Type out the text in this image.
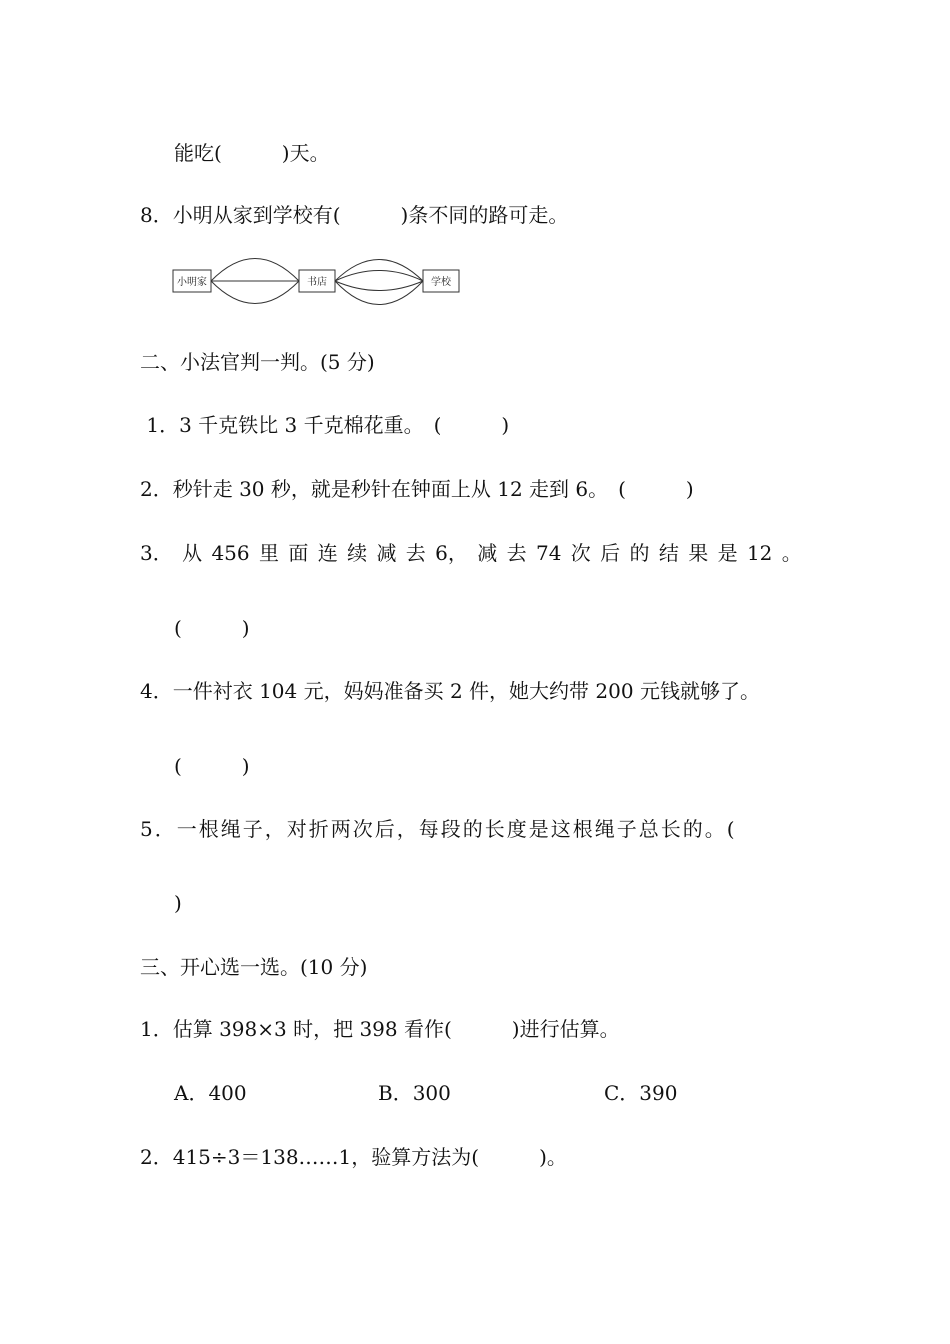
能吃(　　　)天。
8．小明从家到学校有(　　　)条不同的路可走。
小明家	书店	学校
二、小法官判一判。(5 分)
1．3 千克铁比 3 千克棉花重。　(　　　)
2．秒针走 30 秒，就是秒针在钟面上从 12 走到 6。　(　　　)
3． 从 456 里 面 连 续 减 去 6， 减 去 74 次 后 的 结 果 是 12 。
(　　　)
4．一件衬衣 104 元，妈妈准备买 2 件，她大约带 200 元钱就够了。
(　　　)
5．一根绳子，对折两次后，每段的长度是这根绳子总长的。(
)
三、开心选一选。(10 分)
1．估算 398×3 时，把 398 看作(　　　)进行估算。
A．400	B．300	C．390
2．415÷3＝138……1，验算方法为(　　　)。
